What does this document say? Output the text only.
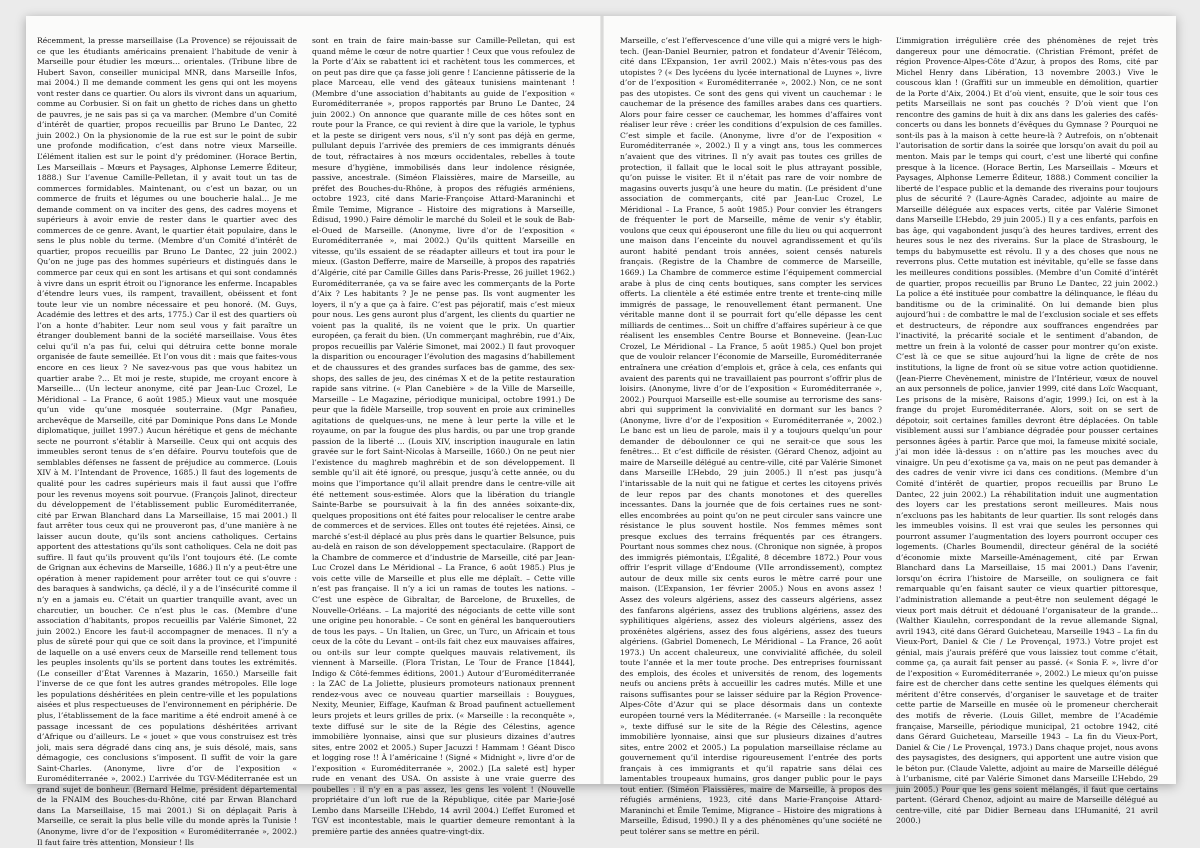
Récemment, la presse marseillaise (La Provence) se réjouissait de ce que les étudiants américains prenaient l’habitude de venir à Marseille pour étudier les mœurs… orientales. (Tribune libre de Hubert Savon, conseiller municipal MNR, dans Marseille Infos, mai 2004.) Il me demande comment les gens qui ont les moyens vont rester dans ce quartier. Ou alors ils vivront dans un aquarium, comme au Corbusier. Si on fait un ghetto de riches dans un ghetto de pauvres, je ne sais pas si ça va marcher. (Membre d’un Comité d’intérêt de quartier, propos recueillis par Bruno Le Dantec, 22 juin 2002.) On la physionomie de la rue est sur le point de subir une profonde modification, c’est dans notre vieux Marseille. L’élément italien est sur le point d’y prédominer. (Horace Bertin, Les Marseillais – Mœurs et Paysages, Alphonse Lemerre Éditeur, 1888.) Sur l’avenue Camille-Pelletan, il y avait tout un tas de commerces formidables. Maintenant, ou c’est un bazar, ou un commerce de fruits et légumes ou une boucherie halal… Je me demande comment on va inciter des gens, des cadres moyens et supérieurs à avoir envie de rester dans le quartier avec des commerces de ce genre. Avant, le quartier était populaire, dans le sens le plus noble du terme. (Membre d’un Comité d’intérêt de quartier, propos recueillis par Bruno Le Dantec, 22 juin 2002.) Qu’on ne juge pas des hommes supérieurs et distingués dans le commerce par ceux qui en sont les artisans et qui sont condamnés à vivre dans un esprit étroit ou l’ignorance les enferme. Incapables d’étendre leurs vues, ils rampent, travaillent, obéissent et font toute leur vie un nombre nécessaire et peu honoré. (M. Guys, Académie des lettres et des arts, 1775.) Car il est des quartiers où l’on a honte d’habiter. Leur nom seul vous y fait paraître un étranger doublement banni de la société marseillaise. Vous êtes celui qu’il n’a pas fui, celui qui détruira cette bonne morale organisée de faute semeillée. Et l’on vous dit : mais que faites-vous encore en ces lieux ? Ne savez-vous pas que vous habitez un quartier arabe ?… Et moi je reste, stupide, me croyant encore à Marseille… (Un lecteur anonyme, cité par Jean-Luc Crozel, Le Méridional – La France, 6 août 1985.) Mieux vaut une mosquée qu’un vide qu’une mosquée souterraine. (Mgr Panafieu, archevêque de Marseille, cité par Dominique Pons dans Le Monde diplomatique, juillet 1997.) Aucun hérétique et gens de méchante secte ne pourront s’établir à Marseille. Ceux qui ont acquis des immeubles seront tenus de s’en défaire. Pourvu toutefois que de semblables défenses ne fassent de préjudice au commerce. (Louis XIV à M. l’Intendant de Provence, 1685.) Il faut des logements de qualité pour les cadres supérieurs mais il faut aussi que l’offre pour les revenus moyens soit pourvue. (François Jalinot, directeur du développement de l’établissement public Euroméditerranée, cité par Erwan Blanchard dans La Marseillaise, 15 mai 2001.) Il faut arrêter tous ceux qui ne prouveront pas, d’une manière à ne laisser aucun doute, qu’ils sont anciens catholiques. Certains apportent des attestations qu’ils sont catholiques. Cela ne doit pas suffire. Il faut qu’ils prouvent qu’ils l’ont toujours été. (Le comte de Grignan aux échevins de Marseille, 1686.) Il n’y a peut-être une opération à mener rapidement pour arrêter tout ce qui s’ouvre : des baraques à sandwichs, ça déclé, il y a de l’insécurité comme il n’y en a jamais eu. C’était un quartier tranquille avant, avec un charcutier, un boucher. Ce n’est plus le cas. (Membre d’une association d’habitants, propos recueillis par Valérie Simonet, 22 juin 2002.) Encore les faut-il accompagner de menaces. Il n’y a plus de sûreté pour qui que ce soit dans la province, et l’impunité de laquelle on a usé envers ceux de Marseille rend tellement tous les peuples insolents qu’ils se portent dans toutes les extrémités. (Le conseiller d’État Varennes à Mazarin, 1650.) Marseille fait l’inverse de ce que font les autres grandes métropoles. Elle loge les populations déshéritées en plein centre-ville et les populations aisées et plus respectueuses de l’environnement en périphérie. De plus, l’établissement de la face maritime a été endroit amené à ce passage incessant de ces populations déshéritées arrivant d’Afrique ou d’ailleurs. Le « jouet » que vous construisez est très joli, mais sera dégradé dans cinq ans, je suis désolé, mais, sans démagogie, ces conclusions s’imposent. Il suffit de voir la gare Saint-Charles. (Anonyme, livre d’or de l’exposition « Euroméditerranée », 2002.) L’arrivée du TGV-Méditerranée est un grand sujet de bonheur. (Bernard Helme, président départemental de la FNAIM des Bouches-du-Rhône, cité par Erwan Blanchard dans La Marseillaise, 15 mai 2001.) Si on déplaçait Paris à Marseille, ce serait la plus belle ville du monde après la Tunisie ! (Anonyme, livre d’or de l’exposition « Euroméditerranée », 2002.) Il faut faire très attention, Monsieur ! Ils

sont en train de faire main-basse sur Camille-Pelletan, qui est quand même le cœur de notre quartier ! Ceux que vous refoulez de la Porte d’Aix se rabattent ici et rachètent tous les commerces, et on peut pas dire que ça fasse joli genre ! L’ancienne pâtisserie de la place Marceau, elle vend des gâteaux tunisiens maintenant ! (Membre d’une association d’habitants au guide de l’exposition « Euroméditerranée », propos rapportés par Bruno Le Dantec, 24 juin 2002.) On annonce que quarante mille de ces hôtes sont en route pour la France, ce qui revient à dire que la variole, le typhus et la peste se dirigent vers nous, s’il n’y sont pas déjà en germe, pullulant depuis l’arrivée des premiers de ces immigrants dénués de tout, réfractaires à nos mœurs occidentales, rebelles à toute mesure d’hygiène, immobilisés dans leur indolence résignée, passive, ancestrale. (Siméon Flaissières, maire de Marseille, au préfet des Bouches-du-Rhône, à propos des réfugiés arméniens, octobre 1923, cité dans Marie-Françoise Attard-Maraninchi et Émile Temime, Migrance – Histoire des migrations à Marseille, Édisud, 1990.) Faire démolir le marché du Soleil et le souk de Bab-el-Oued de Marseille. (Anonyme, livre d’or de l’exposition « Euroméditerranée », mai 2002.) Qu’ils quittent Marseille en vitesse, qu’ils essaient de se réadapter ailleurs et tout ira pour le mieux. (Gaston Defferre, maire de Marseille, à propos des rapatriés d’Algérie, cité par Camille Gilles dans Paris-Presse, 26 juillet 1962.) Euroméditerranée, ça va se faire avec les commerçants de la Porte d’Aix ? Les habitants ? Je ne pense pas. Ils vont augmenter les loyers, il n’y a que ça à faire. C’est pas péjoratif, mais c’est mieux pour nous. Les gens auront plus d’argent, les clients du quartier ne voient pas la qualité, ils ne voient que le prix. Un quartier européen, ça ferait du bien. (Un commerçant maghrébin, rue d’Aix, propos recueillis par Valérie Simonet, mai 2002.) Il faut provoquer la disparition ou encourager l’évolution des magasins d’habillement et de chaussures et des grandes surfaces bas de gamme, des sex-shops, des salles de jeu, des cinémas X et de la petite restauration rapide sans vitrine. (« Plan Canebière » de la Ville de Marseille, Marseille – Le Magazine, périodique municipal, octobre 1991.) De peur que la fidèle Marseille, trop souvent en proie aux criminelles agitations de quelques-uns, ne mene à leur perte la ville et le royaume, on par la fougue des plus hardis, ou par une trop grande passion de la liberté ... (Louis XIV, inscription inaugurale en latin gravée sur le fort Saint-Nicolas à Marseille, 1660.) On ne peut nier l’existence du maghreb maghrébin et de son développement. Il semble qu’il ait été ignoré, ou presque, jusqu’à cette année, ou du moins que l’importance qu’il allait prendre dans le centre-ville ait été nettement sous-estimée. Alors que la libération du triangle Sainte-Barbe se poursuivait à la fin des années soixante-dix, quelques propositions ont été faites pour relocaliser le centre arabe de commerces et de services. Elles ont toutes été rejetées. Ainsi, ce marché s’est-il déplacé au plus près dans le quartier Belsunce, puis au-delà en raison de son développement spectaculaire. (Rapport de la Chambre de commerce et d’industrie de Marseille, cité par Jean-Luc Crozel dans Le Méridional – La France, 6 août 1985.) Plus je vois cette ville de Marseille et plus elle me déplaît. – Cette ville n’est pas française. Il n’y a ici un ramas de toutes les nations. – C’est une espèce de Gibraltar, de Barcelone, de Bruxelles, de Nouvelle-Orléans. – La majorité des négociants de cette ville sont une origine peu honorable. – Ce sont en général les banqueroutiers de tous les pays. – Un Italien, un Grec, un Turc, un Africain et tous ceux de la côte du Levant – ont-ils fait chez eux mauvaises affaires, ou ont-ils sur leur compte quelques mauvais relativement, ils viennent à Marseille. (Flora Tristan, Le Tour de France [1844], Indigo & Côté-femmes éditions, 2001.) Autour d’Euroméditerranée : la ZAC de La Joliette, plusieurs promoteurs nationaux prennent rendez-vous avec ce nouveau quartier marseillais : Bouygues, Nexity, Meunier, Eiffage, Kaufman & Broad paufinent actuellement leurs projets et leurs grilles de prix. (« Marseille : la reconquête », texte diffusé sur le site de la Régie des Célestins, agence immobilière lyonnaise, ainsi que sur plusieurs dizaines d’autres sites, entre 2002 et 2005.) Super Jacuzzi ! Hammam ! Géant Disco et logging rose !! À l’américaine ! (Signé « Midnight », livre d’or de l’exposition « Euroméditerranée », 2002.) [La saleté est] hyper rude en venant des USA. On assiste à une vraie guerre des poubelles : il n’y en a pas assez, les gens les volent ! (Nouvelle propriétaire d’un loft rue de la République, citée par Marie-José Lembo dans Marseille L’Hebdo, 14 avril 2004.) L’effet Euromed et TGV est incontestable, mais le quartier demeure remontant à la première partie des années quatre-vingt-dix.

Marseille, c’est l’effervescence d’une ville qui a migré vers le high-tech. (Jean-Daniel Beurnier, patron et fondateur d’Avenir Télécom, cité dans L’Expansion, 1er avril 2002.) Mais n’êtes-vous pas des utopistes ? (« Des lycéens du lycée international de Luynes », livre d’or de l’exposition « Euroméditerranée », 2002.) Non, ce ne sont pas des utopistes. Ce sont des gens qui vivent un cauchemar : le cauchemar de la présence des familles arabes dans ces quartiers. Alors pour faire cesser ce cauchemar, les hommes d’affaires vont réaliser leur rêve : créer les conditions d’expulsion de ces familles. C’est simple et facile. (Anonyme, livre d’or de l’exposition « Euroméditerranée », 2002.) Il y a vingt ans, tous les commerces n’avaient que des vitrines. Il n’y avait pas toutes ces grilles de protection, il fallait que le local soit le plus attrayant possible, qu’on puisse le visiter. Et il n’était pas rare de voir nombre de magasins ouverts jusqu’à une heure du matin. (Le président d’une association de commerçants, cité par Jean-Luc Crozel, Le Méridional – La France, 5 août 1985.) Pour convier les étrangers de fréquenter le port de Marseille, même de venir s’y établir, voulons que ceux qui épouseront une fille du lieu ou qui acquerront une maison dans l’enceinte du nouvel agrandissement et qu’ils auront habité pendant trois années, soient censés naturels français. (Registre de la Chambre de commerce de Marseille, 1669.) La Chambre de commerce estime l’équipement commercial arabe à plus de cinq cents boutiques, sans compter les services offerts. La clientèle a été estimée entre trente et trente-cinq mille immigrés de passage, le renouvellement étant permanent. Une véritable manne dont il se pourrait fort qu’elle dépasse les cent milliards de centimes… Soit un chiffre d’affaires supérieur à ce que réalisent les ensembles Centre Bourse et Bonneveine. (Jean-Luc Crozel, Le Méridional – La France, 5 août 1985.) Quel bon projet que de vouloir relancer l’économie de Marseille, Euroméditerranée entraînera une création d’emplois et, grâce à cela, ces enfants qui avaient des parents qui ne travaillaient pas pourront s’offrir plus de loisirs. (Anonyme, livre d’or de l’exposition « Euroméditerranée », 2002.) Pourquoi Marseille est-elle soumise au terrorisme des sans-abri qui suppriment la convivialité en dormant sur les bancs ? (Anonyme, livre d’or de l’exposition « Euroméditerranée », 2002.) Le banc est un lieu de parole, mais il y a toujours quelqu’un pour demander de déboulonner ce qui ne serait-ce que sous les fenêtres… Et c’est difficile de résister. (Gérard Chenoz, adjoint au maire de Marseille délégué au centre-ville, cité par Valérie Simonet dans Marseille L’Hebdo, 29 juin 2005.) Il n’est pas jusqu’à l’intarissable de la nuit qui ne fatigue et certes les citoyens privés de leur repos par des chants monotones et des querelles incessantes. Dans la journée que de fois certaines rues ne sont-elles encombrées au point qu’on ne peut circuler sans vaincre une résistance le plus souvent hostile. Nos femmes mêmes sont presque exclues des terrains fréquentés par ces étrangers. Pourtant nous sommes chez nous. (Chronique non signée, à propos des immigrés piémontais, L’Égalité, 8 décembre 1872.) Pour vous offrir l’esprit village d’Endoume (VIIe arrondissement), comptez autour de deux mille six cents euros le mètre carré pour une maison. (L’Expansion, 1er février 2005.) Nous en avons assez ! Assez des voleurs algériens, assez des casseurs algériens, assez des fanfarons algériens, assez des trublions algériens, assez des syphilitiques algériens, assez des violeurs algériens, assez des proxénètes algériens, assez des fous algériens, assez des tueurs algériens. (Gabriel Domenech, Le Méridional – La France, 26 août 1973.) Un accent chaleureux, une convivialité affichée, du soleil toute l’année et la mer toute proche. Des entreprises fournissant des emplois, des écoles et universités de renom, des logements neufs ou anciens prêts à accueillir les cadres mutés. Mille et une raisons suffisantes pour se laisser séduire par la Région Provence-Alpes-Côte d’Azur qui se place désormais dans un contexte européen tourné vers la Méditerranée. (« Marseille : la reconquête », texte diffusé sur le site de la Régie des Célestins, agence immobilière lyonnaise, ainsi que sur plusieurs dizaines d’autres sites, entre 2002 et 2005.) La population marseillaise réclame au gouvernement qu’il interdise rigoureusement l’entrée des ports français à ces immigrants et qu’il rapatrie sans délai ces lamentables troupeaux humains, gros danger public pour le pays tout entier. (Siméon Flaissières, maire de Marseille, à propos des réfugiés arméniens, 1923, cité dans Marie-Françoise Attard-Maraninchi et Émile Temime, Migrance – Histoire des migrations à Marseille, Édisud, 1990.) Il y a des phénomènes qu’une société ne peut tolérer sans se mettre en péril.

L’immigration irrégulière crée des phénomènes de rejet très dangereux pour une démocratie. (Christian Frémont, préfet de région Provence-Alpes-Côte d’Azur, à propos des Roms, cité par Michel Henry dans Libération, 13 novembre 2003.) Vive le couscous klan ! (Graffiti sur un immeuble en démolition, quartier de la Porte d’Aix, 2004.) Et d’où vient, ensuite, que le soir tous ces petits Marseillais ne sont pas couchés ? D’où vient que l’on rencontre des gamins de huit à dix ans dans les galeries des cafés-concerts ou dans les bonnets d’évêques du Gymnase ? Pourquoi ne sont-ils pas à la maison à cette heure-là ? Autrefois, on n’obtenait l’autorisation de sortir dans la soirée que lorsqu’on avait du poil au menton. Mais par le temps qui court, c’est une liberté qui confine presque à la licence. (Horace Bertin, Les Marseillais – Mœurs et Paysages, Alphonse Lemerre Éditeur, 1888.) Comment concilier la liberté de l’espace public et la demande des riverains pour toujours plus de sécurité ? (Laure-Agnès Caradec, adjointe au maire de Marseille déléguée aux espaces verts, citée par Valérie Simonet dans Marseille L’Hebdo, 29 juin 2005.) Il y a ces enfants, parfois en bas âge, qui vagabondent jusqu’à des heures tardives, errent des heures sous le nez des riverains. Sur la place de Strasbourg, le temps du babymusette est révolu. Il y a des choses que nous ne reverrons plus. Cette mutation est inévitable, qu’elle se fasse dans les meilleures conditions possibles. (Membre d’un Comité d’intérêt de quartier, propos recueillis par Bruno Le Dantec, 22 juin 2002.) La police a été instituée pour combattre la délinquance, le fléau du banditisme ou de la criminalité. On lui demande bien plus aujourd’hui : de combattre le mal de l’exclusion sociale et ses effets et destructeurs, de répondre aux souffrances engendrées par l’inactivité, la précarité sociale et le sentiment d’abandon, de mettre un frein à la volonté de casser pour montrer qu’on existe. C’est là ce que se situe aujourd’hui la ligne de crête de nos institutions, la ligne de front où se situe votre action quotidienne. (Jean-Pierre Chevènement, ministre de l’Intérieur, vœux de nouvel an aux personnels de police, janvier 1999, cité dans Loïc Wacquant, Les prisons de la misère, Raisons d’agir, 1999.) Ici, on est à la frange du projet Euroméditerranée. Alors, soit on se sert de dépotoir, soit certaines familles devront être déplacées. On table visiblement aussi sur l’ambiance dégradée pour pousser certaines personnes âgées à partir. Parce que moi, la fameuse mixité sociale, j’ai mon idée là-dessus : on n’attire pas les mouches avec du vinaigre. Un peu d’exotisme ça va, mais on ne peut pas demander à des cadres de venir vivre ici dans ces conditions. (Membre d’un Comité d’intérêt de quartier, propos recueillis par Bruno Le Dantec, 22 juin 2002.) La réhabilitation induit une augmentation des loyers car les prestations seront meilleures. Mais nous n’excluons pas les habitants de leur quartier. Ils sont relogés dans les immeubles voisins. Il est vrai que seules les personnes qui pourront assumer l’augmentation des loyers pourront occuper ces logements. (Charles Boumendil, directeur général de la société d’économie mixte Marseille-Aménagement, cité par Erwan Blanchard dans La Marseillaise, 15 mai 2001.) Dans l’avenir, lorsqu’on écrira l’histoire de Marseille, on soulignera ce fait remarquable qu’en faisant sauter ce vieux quartier pittoresque, l’administration allemande a peut-être non seulement dégagé le vieux port mais détruit et dédouané l’organisateur de la grande... (Walther Kiaulehn, correspondant de la revue allemande Signal, avril 1943, cité dans Gérard Guicheteau, Marseille 1943 – La fin du Vieux-Port, Daniel & Cie / Le Provençal, 1973.) Votre projet est génial, mais j’aurais préféré que vous laissiez tout comme c’était, comme ça, ça aurait fait penser au passé. (« Sonia F. », livre d’or de l’exposition « Euroméditerranée », 2002.) Le mieux qu’on puisse faire est de chercher dans cette sentine les quelques éléments qui méritent d’être conservés, d’organiser le sauvetage et de traiter cette partie de Marseille en musée où le promeneur chercherait des motifs de rêverie. (Louis Gillet, membre de l’Académie française, Marseille, périodique municipal, 21 octobre 1942, cité dans Gérard Guicheteau, Marseille 1943 – La fin du Vieux-Port, Daniel & Cie / Le Provençal, 1973.) Dans chaque projet, nous avons des paysagistes, des designers, qui apportent une autre vision que le béton pur. (Claude Valette, adjoint au maire de Marseille délégué à l’urbanisme, cité par Valérie Simonet dans Marseille L’Hebdo, 29 juin 2005.) Pour que les gens soient mélangés, il faut que certains partent. (Gérard Chenoz, adjoint au maire de Marseille délégué au centre-ville, cité par Didier Berneau dans L’Humanité, 21 avril 2000.)
